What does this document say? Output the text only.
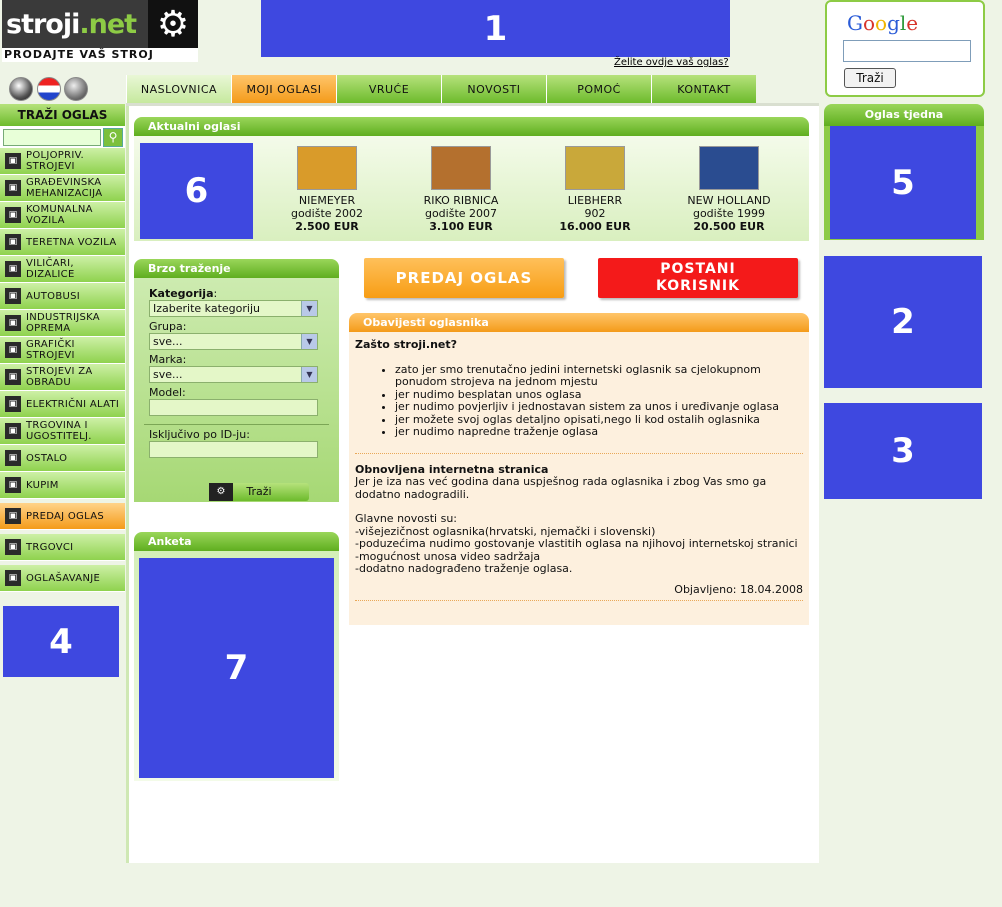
stroji .net ⚙
PRODAJTE VAŠ STROJ
1
Želite ovdje vaš oglas?
NASLOVNICA	MOJI OGLASI	VRUĆE	NOVOSTI	POMOĆ	KONTAKT
TRAŽI OGLAS
⚲
▣ POLJOPRIV. STROJEVI
▣ GRAĐEVINSKA MEHANIZACIJA
▣ KOMUNALNA VOZILA
▣ TERETNA VOZILA
▣ VILIČARI, DIZALICE
▣ AUTOBUSI
▣ INDUSTRIJSKA OPREMA
▣ GRAFIČKI STROJEVI
▣ STROJEVI ZA OBRADU
▣ ELEKTRIČNI ALATI
▣ TRGOVINA I UGOSTITELJ.
▣ OSTALO
▣ KUPIM
▣ PREDAJ OGLAS
▣ TRGOVCI
▣ OGLAŠAVANJE
4
Aktualni oglasi
6	NIEMEYER
godište 2002
2.500 EUR
RIKO RIBNICA
godište 2007
3.100 EUR
LIEBHERR
902
16.000 EUR
NEW HOLLAND
godište 1999
20.500 EUR
Brzo traženje
Kategorija:
Izaberite kategoriju	▼
Grupa:
sve...	▼
Marka:
sve...	▼
Model:
Isključivo po ID-ju:
⚙	Traži
Anketa
7
PREDAJ OGLAS	POSTANI
KORISNIK
Obavijesti oglasnika
Zašto stroji.net?
• zato jer smo trenutačno jedini internetski oglasnik sa cjelokupnom ponudom strojeva na jednom mjestu
• jer nudimo besplatan unos oglasa
• jer nudimo povjerljiv i jednostavan sistem za unos i uređivanje oglasa
• jer možete svoj oglas detaljno opisati,nego li kod ostalih oglasnika
• jer nudimo napredne traženje oglasa
Obnovljena internetna stranica
Jer je iza nas već godina dana uspješnog rada oglasnika i zbog Vas smo ga dodatno nadogradili.
Glavne novosti su:
-višejezičnost oglasnika(hrvatski, njemački i slovenski)
-poduzećima nudimo gostovanje vlastitih oglasa na njihovoj internetskoj stranici
-mogućnost unosa video sadržaja
-dodatno nadograđeno traženje oglasa.
Objavljeno: 18.04.2008
Google
Traži
Oglas tjedna
5
2
3
